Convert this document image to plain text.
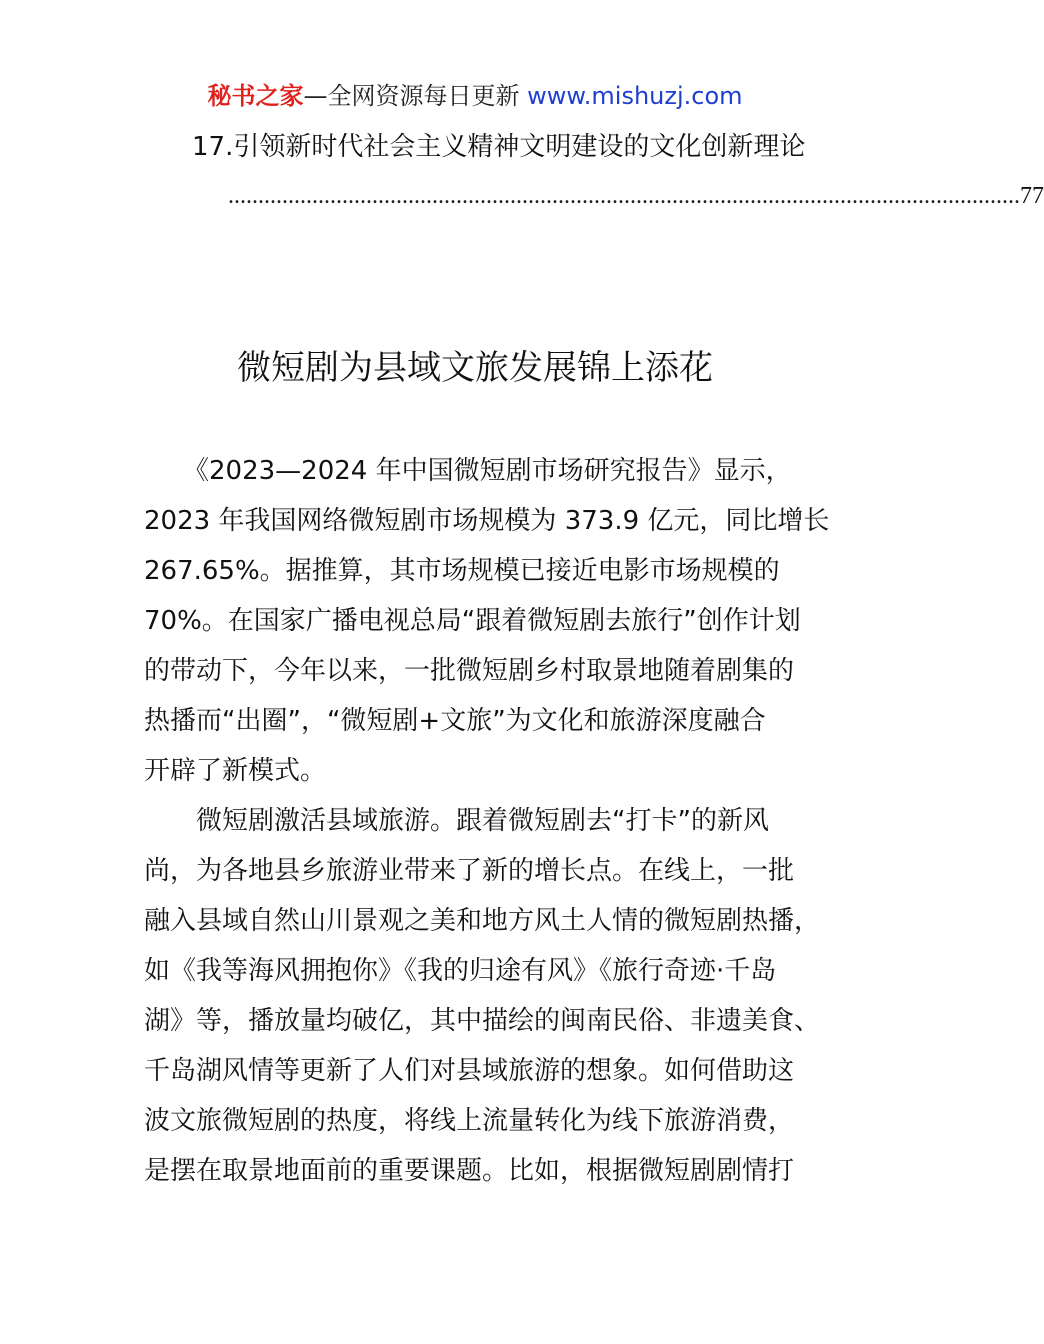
秘书之家—全网资源每日更新 www.mishuzj.com
17.引领新时代社会主义精神文明建设的文化创新理论
.................................................................................................................................... 77
微短剧为县域文旅发展锦上添花
　　《2023—2024 年中国微短剧市场研究报告》显示，
2023 年我国网络微短剧市场规模为 373.9 亿元，同比增长
267.65%。据推算，其市场规模已接近电影市场规模的
70%。在国家广播电视总局“跟着微短剧去旅行”创作计划
的带动下，今年以来，一批微短剧乡村取景地随着剧集的
热播而“出圈”，“微短剧+文旅”为文化和旅游深度融合
开辟了新模式。
　　微短剧激活县域旅游。跟着微短剧去“打卡”的新风
尚，为各地县乡旅游业带来了新的增长点。在线上，一批
融入县域自然山川景观之美和地方风土人情的微短剧热播，
如《我等海风拥抱你》《我的归途有风》《旅行奇迹·千岛
湖》等，播放量均破亿，其中描绘的闽南民俗、非遗美食、
千岛湖风情等更新了人们对县域旅游的想象。如何借助这
波文旅微短剧的热度，将线上流量转化为线下旅游消费，
是摆在取景地面前的重要课题。比如，根据微短剧剧情打
